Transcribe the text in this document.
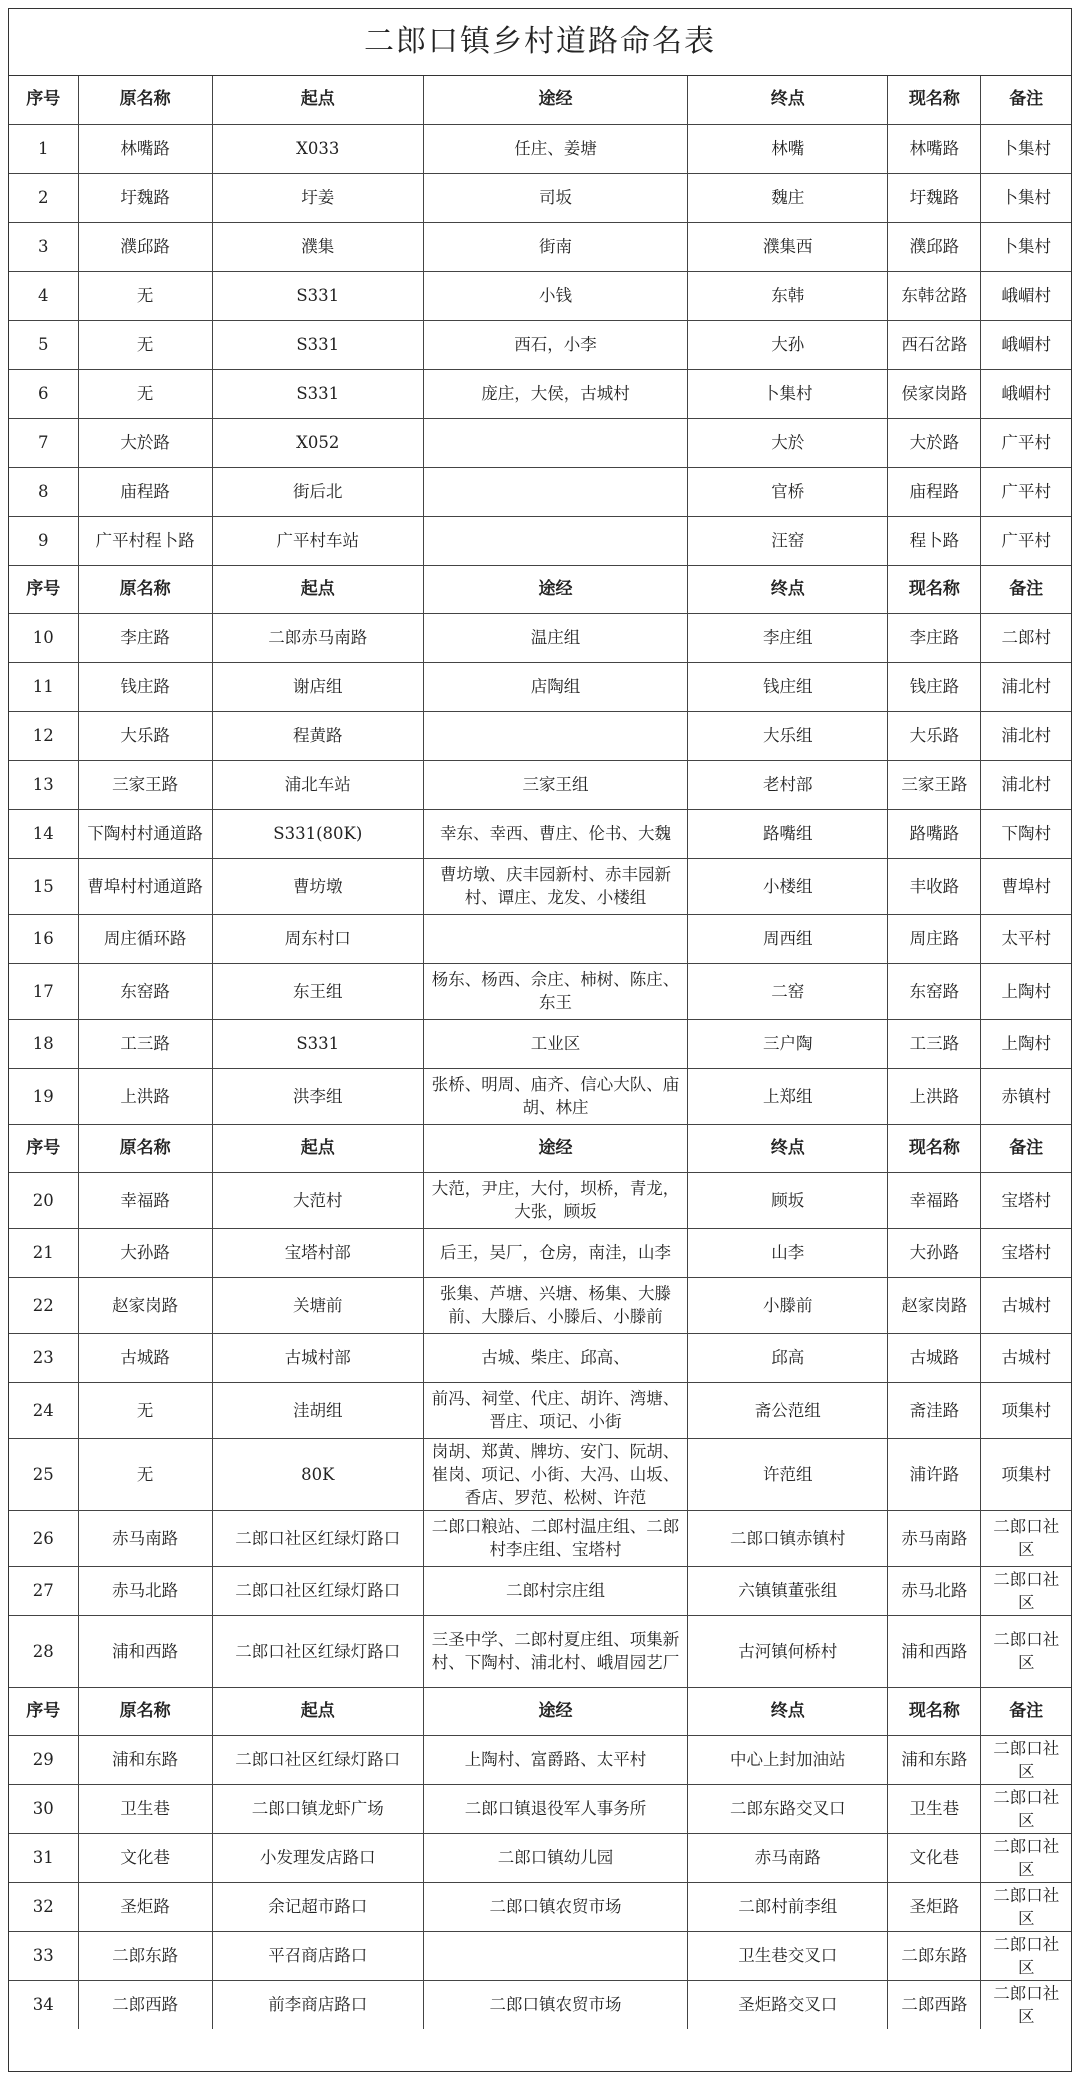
二郎口镇乡村道路命名表
序号	原名称	起点	途经	终点	现名称	备注
1	林嘴路	X033	任庄、姜塘	林嘴	林嘴路	卜集村
2	圩魏路	圩姜	司坂	魏庄	圩魏路	卜集村
3	濮邱路	濮集	街南	濮集西	濮邱路	卜集村
4	无	S331	小钱	东韩	东韩岔路	峨嵋村
5	无	S331	西石，小李	大孙	西石岔路	峨嵋村
6	无	S331	庞庄，大侯，古城村	卜集村	侯家岗路	峨嵋村
7	大於路	X052		大於	大於路	广平村
8	庙程路	街后北		官桥	庙程路	广平村
9	广平村程卜路	广平村车站		汪窑	程卜路	广平村
序号	原名称	起点	途经	终点	现名称	备注
10	李庄路	二郎赤马南路	温庄组	李庄组	李庄路	二郎村
11	钱庄路	谢店组	店陶组	钱庄组	钱庄路	浦北村
12	大乐路	程黄路		大乐组	大乐路	浦北村
13	三家王路	浦北车站	三家王组	老村部	三家王路	浦北村
14	下陶村村通道路	S331(80K)	幸东、幸西、曹庄、伦书、大魏	路嘴组	路嘴路	下陶村
15	曹埠村村通道路	曹坊墩	曹坊墩、庆丰园新村、赤丰园新村、谭庄、龙发、小楼组	小楼组	丰收路	曹埠村
16	周庄循环路	周东村口		周西组	周庄路	太平村
17	东窑路	东王组	杨东、杨西、佘庄、柿树、陈庄、东王	二窑	东窑路	上陶村
18	工三路	S331	工业区	三户陶	工三路	上陶村
19	上洪路	洪李组	张桥、明周、庙齐、信心大队、庙胡、林庄	上郑组	上洪路	赤镇村
序号	原名称	起点	途经	终点	现名称	备注
20	幸福路	大范村	大范，尹庄，大付，坝桥，青龙，大张，顾坂	顾坂	幸福路	宝塔村
21	大孙路	宝塔村部	后王，吴厂，仓房，南洼，山李	山李	大孙路	宝塔村
22	赵家岗路	关塘前	张集、芦塘、兴塘、杨集、大滕前、大滕后、小滕后、小滕前	小滕前	赵家岗路	古城村
23	古城路	古城村部	古城、柴庄、邱高、	邱高	古城路	古城村
24	无	洼胡组	前冯、祠堂、代庄、胡许、湾塘、晋庄、项记、小街	斋公范组	斋洼路	项集村
25	无	80K	岗胡、郑黄、牌坊、安门、阮胡、崔岗、项记、小街、大冯、山坂、香店、罗范、松树、许范	许范组	浦许路	项集村
26	赤马南路	二郎口社区红绿灯路口	二郎口粮站、二郎村温庄组、二郎村李庄组、宝塔村	二郎口镇赤镇村	赤马南路	二郎口社区
27	赤马北路	二郎口社区红绿灯路口	二郎村宗庄组	六镇镇董张组	赤马北路	二郎口社区
28	浦和西路	二郎口社区红绿灯路口	三圣中学、二郎村夏庄组、项集新村、下陶村、浦北村、峨眉园艺厂	古河镇何桥村	浦和西路	二郎口社区
序号	原名称	起点	途经	终点	现名称	备注
29	浦和东路	二郎口社区红绿灯路口	上陶村、富爵路、太平村	中心上封加油站	浦和东路	二郎口社区
30	卫生巷	二郎口镇龙虾广场	二郎口镇退役军人事务所	二郎东路交叉口	卫生巷	二郎口社区
31	文化巷	小发理发店路口	二郎口镇幼儿园	赤马南路	文化巷	二郎口社区
32	圣炬路	余记超市路口	二郎口镇农贸市场	二郎村前李组	圣炬路	二郎口社区
33	二郎东路	平召商店路口		卫生巷交叉口	二郎东路	二郎口社区
34	二郎西路	前李商店路口	二郎口镇农贸市场	圣炬路交叉口	二郎西路	二郎口社区
